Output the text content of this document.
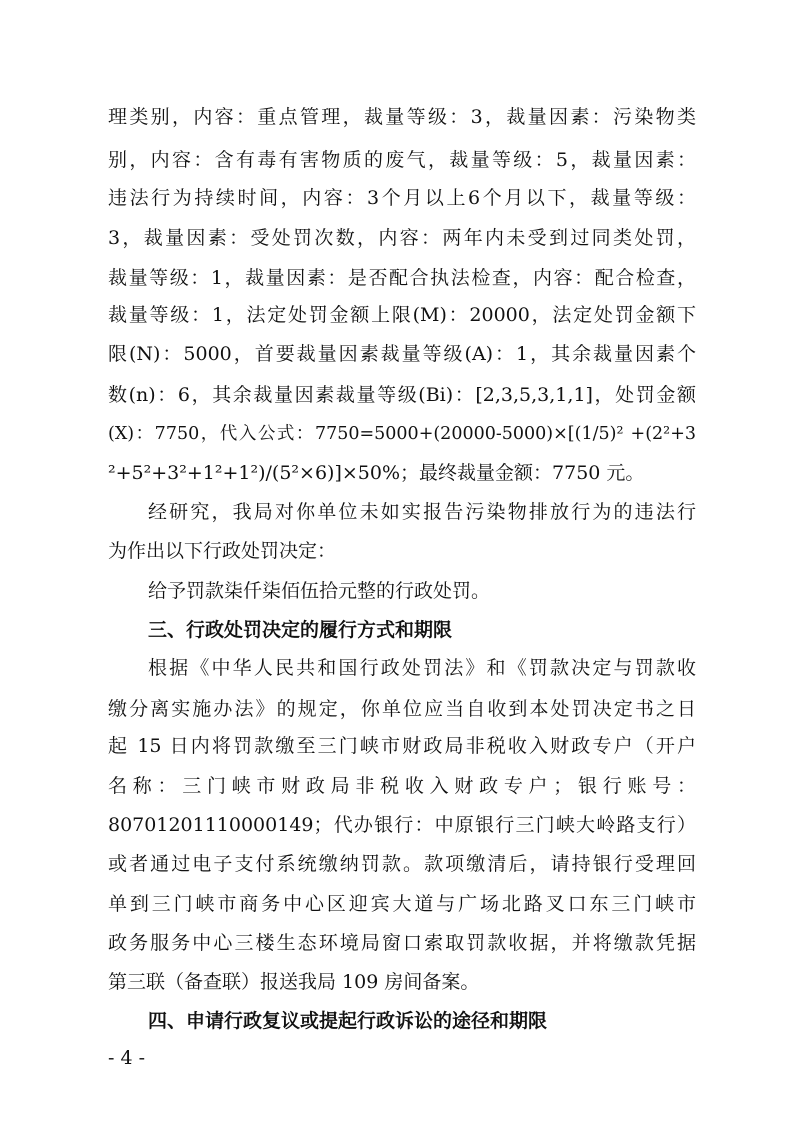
理类别，内容：重点管理，裁量等级：3，裁量因素：污染物类
别，内容：含有毒有害物质的废气，裁量等级：5，裁量因素：
违法行为持续时间，内容：3个月以上6个月以下，裁量等级：
3，裁量因素：受处罚次数，内容：两年内未受到过同类处罚，
裁量等级：1，裁量因素：是否配合执法检查，内容：配合检查，
裁量等级：1，法定处罚金额上限(M)：20000，法定处罚金额下
限(N)：5000，首要裁量因素裁量等级(A)：1，其余裁量因素个
数(n)：6，其余裁量因素裁量等级(Bi)：[2,3,5,3,1,1]，处罚金额
(X)：7750，代入公式：7750=5000+(20000-5000)×[(1/5)² +(2²+3
²+5²+3²+1²+1²)/(5²×6)]×50%；最终裁量金额：7750 元。
经研究，我局对你单位未如实报告污染物排放行为的违法行
为作出以下行政处罚决定：
给予罚款柒仟柒佰伍拾元整的行政处罚。
三、行政处罚决定的履行方式和期限
根据《中华人民共和国行政处罚法》和《罚款决定与罚款收
缴分离实施办法》的规定，你单位应当自收到本处罚决定书之日
起 15 日内将罚款缴至三门峡市财政局非税收入财政专户（开户
名称：三门峡市财政局非税收入财政专户；银行账号：
80701201110000149；代办银行：中原银行三门峡大岭路支行）
或者通过电子支付系统缴纳罚款。款项缴清后，请持银行受理回
单到三门峡市商务中心区迎宾大道与广场北路叉口东三门峡市
政务服务中心三楼生态环境局窗口索取罚款收据，并将缴款凭据
第三联（备查联）报送我局 109 房间备案。
四、申请行政复议或提起行政诉讼的途径和期限
- 4 -
